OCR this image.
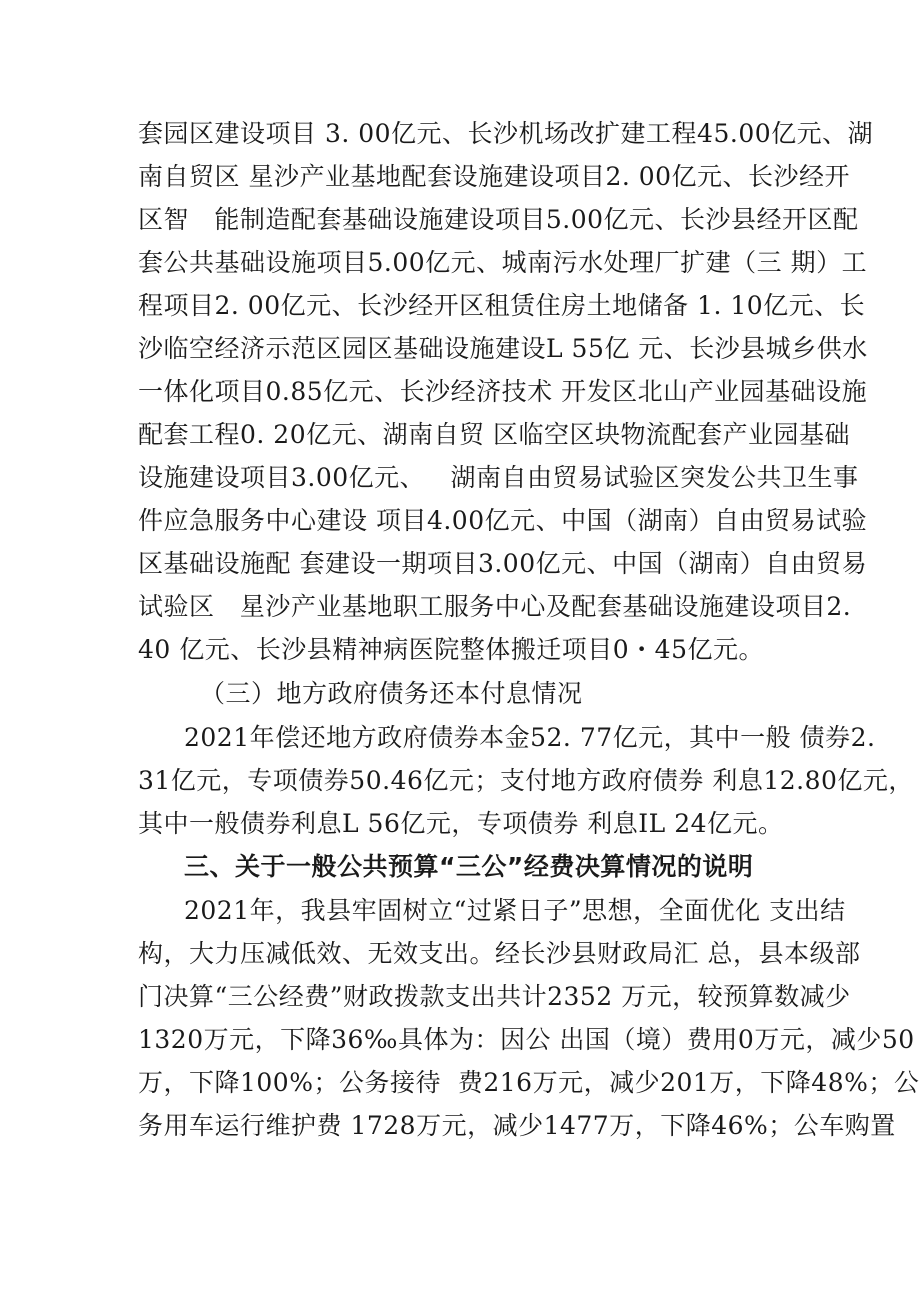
套园区建设项目 3. 00亿元、长沙机场改扩建工程45.00亿元、湖
南自贸区 星沙产业基地配套设施建设项目2. 00亿元、长沙经开
区智   能制造配套基础设施建设项目5.00亿元、长沙县经开区配
套公共基础设施项目5.00亿元、城南污水处理厂扩建（三 期）工
程项目2. 00亿元、长沙经开区租赁住房土地储备 1. 10亿元、长
沙临空经济示范区园区基础设施建设L 55亿 元、长沙县城乡供水
一体化项目0.85亿元、长沙经济技术 开发区北山产业园基础设施
配套工程0. 20亿元、湖南自贸 区临空区块物流配套产业园基础
设施建设项目3.00亿元、   湖南自由贸易试验区突发公共卫生事
件应急服务中心建设 项目4.00亿元、中国（湖南）自由贸易试验
区基础设施配 套建设一期项目3.00亿元、中国（湖南）自由贸易
试验区   星沙产业基地职工服务中心及配套基础设施建设项目2.
40 亿元、长沙县精神病医院整体搬迁项目0・45亿元。
（三）地方政府债务还本付息情况
2021年偿还地方政府债券本金52. 77亿元，其中一般 债券2.
31亿元，专项债券50.46亿元；支付地方政府债券 利息12.80亿元，
其中一般债券利息L 56亿元，专项债券 利息IL 24亿元。
三、关于一般公共预算“三公”经费决算情况的说明
2021年，我县牢固树立“过紧日子”思想，全面优化 支出结
构，大力压减低效、无效支出。经长沙县财政局汇 总，县本级部
门决算“三公经费”财政拨款支出共计2352 万元，较预算数减少
1320万元，下降36‰具体为：因公 出国（境）费用0万元，减少50
万，下降100%；公务接待  费216万元，减少201万，下降48%；公
务用车运行维护费 1728万元，减少1477万，下降46%；公车购置
